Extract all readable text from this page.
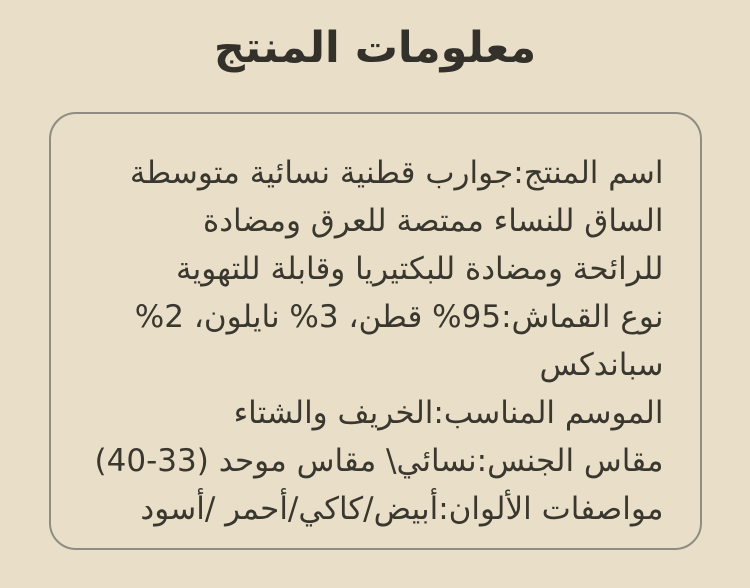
معلومات المنتج
اسم المنتج:جوارب قطنية نسائية متوسطة
الساق للنساء ممتصة للعرق ومضادة
للرائحة ومضادة للبكتيريا وقابلة للتهوية
نوع القماش:95% قطن، 3% نايلون، 2%
سباندكس
الموسم المناسب:الخريف والشتاء
مقاس الجنس:نسائي\ مقاس موحد (33-40)
مواصفات الألوان:أبيض/كاكي/أحمر /أسود
